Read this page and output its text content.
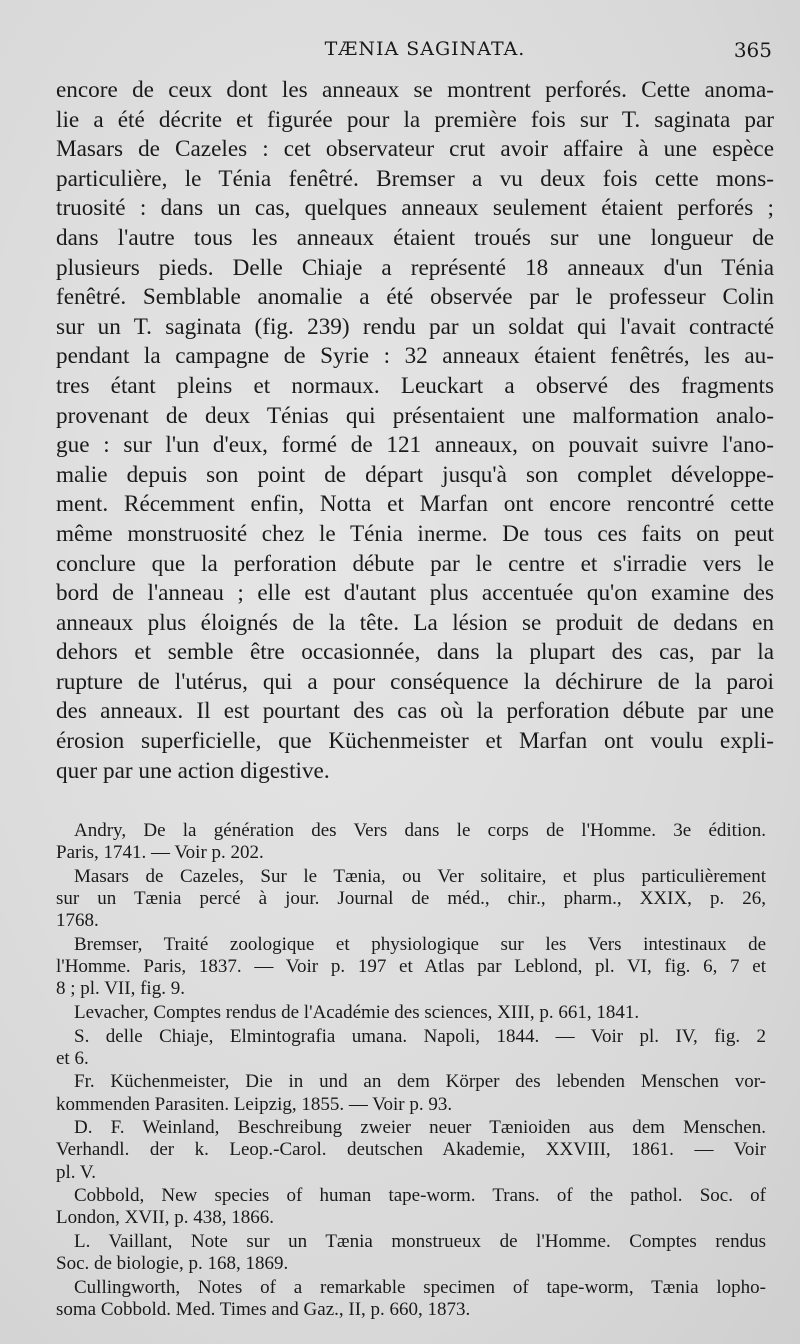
TÆNIA SAGINATA.	365
encore de ceux dont les anneaux se montrent perforés. Cette anoma-
lie a été décrite et figurée pour la première fois sur T. saginata par
Masars de Cazeles : cet observateur crut avoir affaire à une espèce
particulière, le Ténia fenêtré. Bremser a vu deux fois cette mons-
truosité : dans un cas, quelques anneaux seulement étaient perforés ;
dans l'autre tous les anneaux étaient troués sur une longueur de
plusieurs pieds. Delle Chiaje a représenté 18 anneaux d'un Ténia
fenêtré. Semblable anomalie a été observée par le professeur Colin
sur un T. saginata (fig. 239) rendu par un soldat qui l'avait contracté
pendant la campagne de Syrie : 32 anneaux étaient fenêtrés, les au-
tres étant pleins et normaux. Leuckart a observé des fragments
provenant de deux Ténias qui présentaient une malformation analo-
gue : sur l'un d'eux, formé de 121 anneaux, on pouvait suivre l'ano-
malie depuis son point de départ jusqu'à son complet développe-
ment. Récemment enfin, Notta et Marfan ont encore rencontré cette
même monstruosité chez le Ténia inerme. De tous ces faits on peut
conclure que la perforation débute par le centre et s'irradie vers le
bord de l'anneau ; elle est d'autant plus accentuée qu'on examine des
anneaux plus éloignés de la tête. La lésion se produit de dedans en
dehors et semble être occasionnée, dans la plupart des cas, par la
rupture de l'utérus, qui a pour conséquence la déchirure de la paroi
des anneaux. Il est pourtant des cas où la perforation débute par une
érosion superficielle, que Küchenmeister et Marfan ont voulu expli-
quer par une action digestive.
Andry, De la génération des Vers dans le corps de l'Homme. 3e édition.
Paris, 1741. — Voir p. 202.
Masars de Cazeles, Sur le Tænia, ou Ver solitaire, et plus particulièrement
sur un Tænia percé à jour. Journal de méd., chir., pharm., XXIX, p. 26,
1768.
Bremser, Traité zoologique et physiologique sur les Vers intestinaux de
l'Homme. Paris, 1837. — Voir p. 197 et Atlas par Leblond, pl. VI, fig. 6, 7 et
8 ; pl. VII, fig. 9.
Levacher, Comptes rendus de l'Académie des sciences, XIII, p. 661, 1841.
S. delle Chiaje, Elmintografia umana. Napoli, 1844. — Voir pl. IV, fig. 2
et 6.
Fr. Küchenmeister, Die in und an dem Körper des lebenden Menschen vor-
kommenden Parasiten. Leipzig, 1855. — Voir p. 93.
D. F. Weinland, Beschreibung zweier neuer Tænioiden aus dem Menschen.
Verhandl. der k. Leop.-Carol. deutschen Akademie, XXVIII, 1861. — Voir
pl. V.
Cobbold, New species of human tape-worm. Trans. of the pathol. Soc. of
London, XVII, p. 438, 1866.
L. Vaillant, Note sur un Tænia monstrueux de l'Homme. Comptes rendus
Soc. de biologie, p. 168, 1869.
Cullingworth, Notes of a remarkable specimen of tape-worm, Tænia lopho-
soma Cobbold. Med. Times and Gaz., II, p. 660, 1873.
